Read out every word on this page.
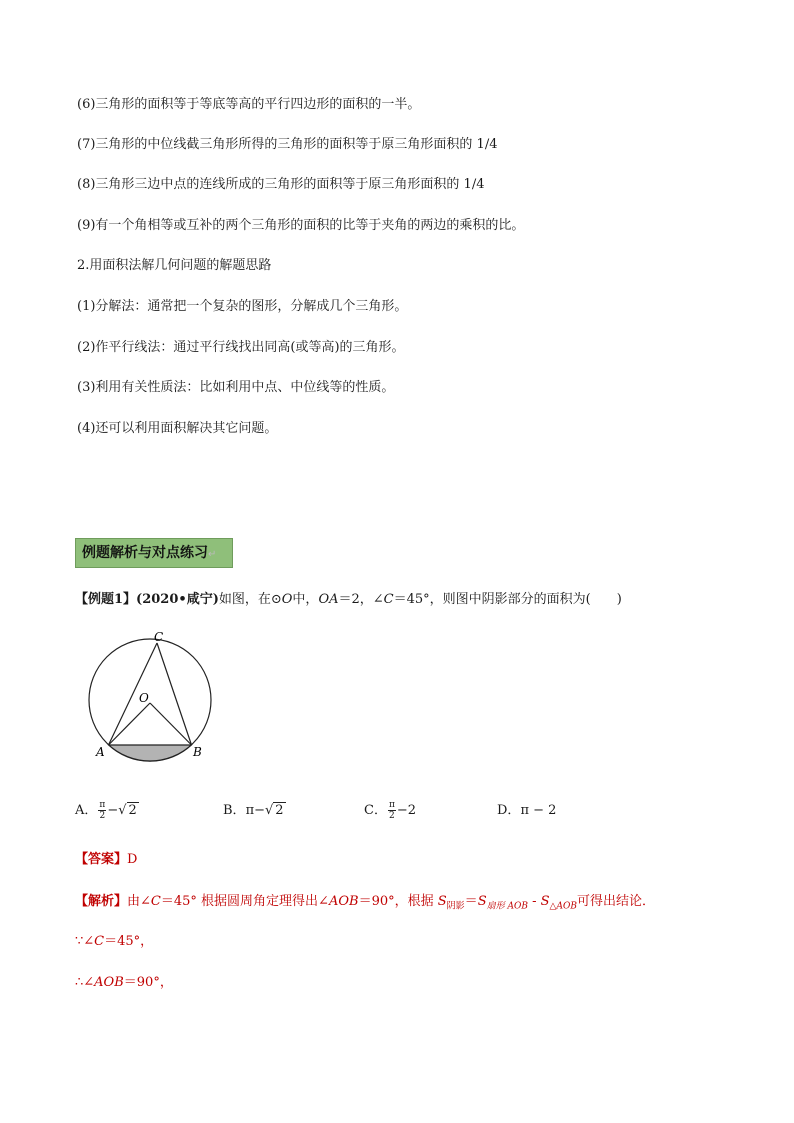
(6)三角形的面积等于等底等高的平行四边形的面积的一半。
(7)三角形的中位线截三角形所得的三角形的面积等于原三角形面积的 1/4
(8)三角形三边中点的连线所成的三角形的面积等于原三角形面积的 1/4
(9)有一个角相等或互补的两个三角形的面积的比等于夹角的两边的乘积的比。
2.用面积法解几何问题的解题思路
(1)分解法：通常把一个复杂的图形，分解成几个三角形。
(2)作平行线法：通过平行线找出同高(或等高)的三角形。
(3)利用有关性质法：比如利用中点、中位线等的性质。
(4)还可以利用面积解决其它问题。
例题解析与对点练习↵
【例题1】(2020•咸宁)如图，在⊙O中，OA＝2，∠C＝45°，则图中阴影部分的面积为(　　)
C
O
A	B
A． $\frac{\pi}{2}$ −√ 2	B．π−√ 2	C． $\frac{\pi}{2} -2$	D．π − 2
【答案】D
【解析】由∠C＝45° 根据圆周角定理得出∠AOB＝90°，根据 $S_{阴影}=S_{扇形 AOB} - S_{\triangle AOB}$可得出结论．
∵∠C＝45°，
∴∠AOB＝90°，
